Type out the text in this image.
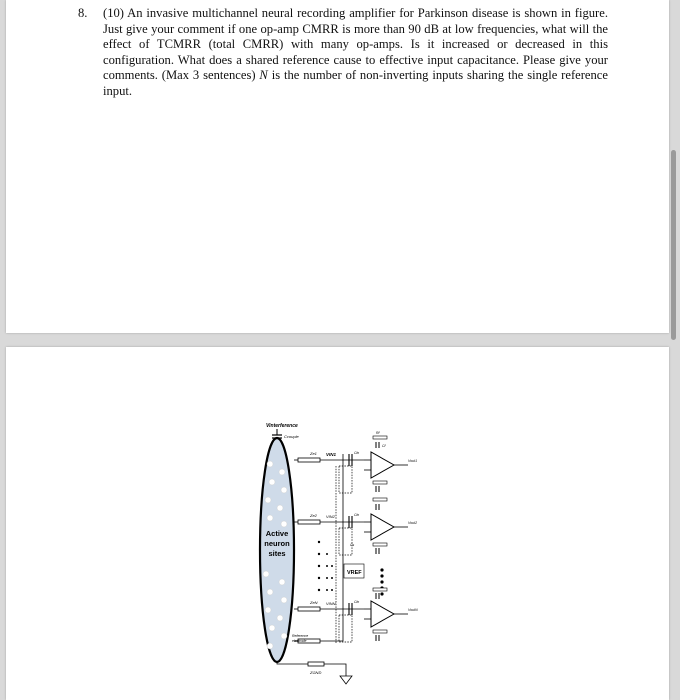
8. (10) An invasive multichannel neural recording amplifier for Parkinson disease is shown in figure. Just give your comment if one op-amp CMRR is more than 90 dB at low frequencies, what will the effect of TCMRR (total CMRR) with many op-amps. Is it increased or decreased in this configuration. What does a shared reference cause to effective input capacitance. Please give your comments. (Max 3 sentences) N is the number of non-inverting inputs sharing the single reference input.
Vinterference
Ccouple
Active
neuron
sites
Ze1
Ze2
ZeN
Reference
electrode
ZGND
VIN1
VIN2
VINN
VREF
Cin
Rf
Cf
Vout1
Cin
Cs
Vout2
Cin
VoutN
